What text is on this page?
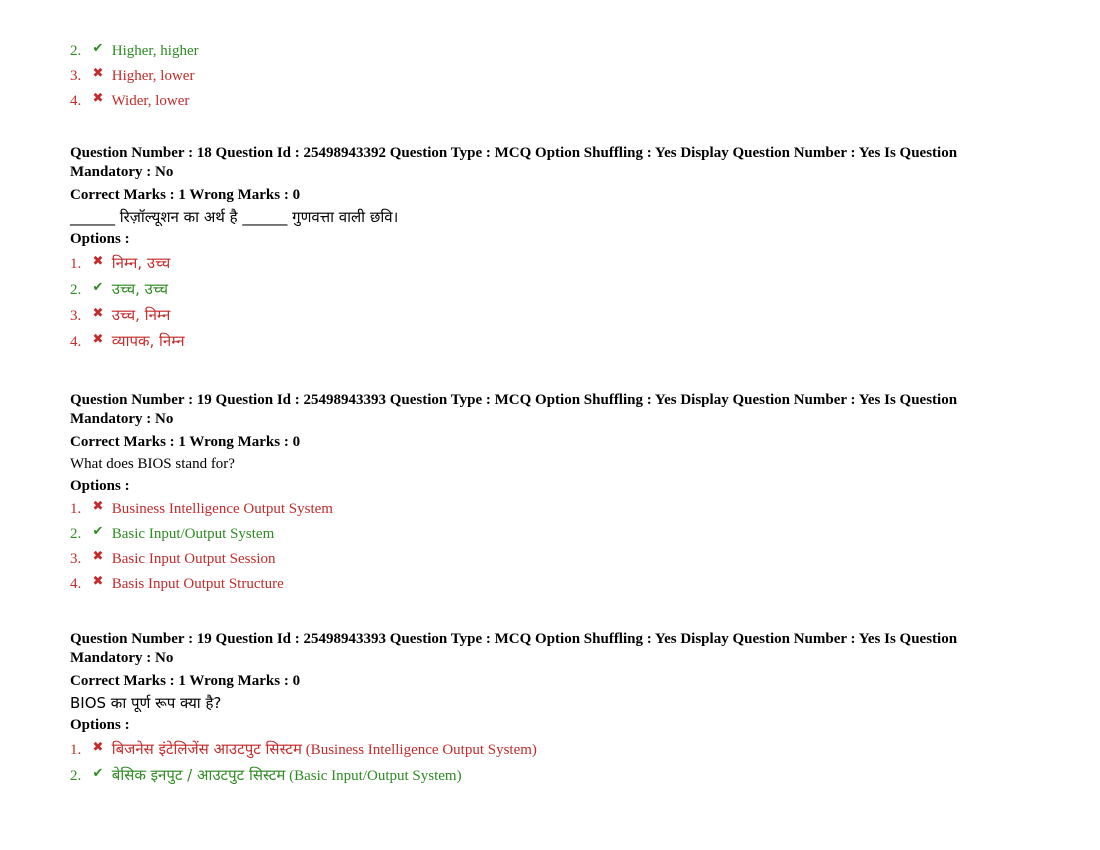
2. ✔ Higher, higher
3. ✖ Higher, lower
4. ✖ Wider, lower
Question Number : 18 Question Id : 25498943392 Question Type : MCQ Option Shuffling : Yes Display Question Number : Yes Is Question Mandatory : No
Correct Marks : 1 Wrong Marks : 0
______ रिज़ॉल्यूशन का अर्थ है ______ गुणवत्ता वाली छवि।
Options :
1. ✖ निम्न, उच्च
2. ✔ उच्च, उच्च
3. ✖ उच्च, निम्न
4. ✖ व्यापक, निम्न
Question Number : 19 Question Id : 25498943393 Question Type : MCQ Option Shuffling : Yes Display Question Number : Yes Is Question Mandatory : No
Correct Marks : 1 Wrong Marks : 0
What does BIOS stand for?
Options :
1. ✖ Business Intelligence Output System
2. ✔ Basic Input/Output System
3. ✖ Basic Input Output Session
4. ✖ Basis Input Output Structure
Question Number : 19 Question Id : 25498943393 Question Type : MCQ Option Shuffling : Yes Display Question Number : Yes Is Question Mandatory : No
Correct Marks : 1 Wrong Marks : 0
BIOS का पूर्ण रूप क्या है?
Options :
1. ✖ बिजनेस इंटेलिजेंस आउटपुट सिस्टम (Business Intelligence Output System)
2. ✔ बेसिक इनपुट / आउटपुट सिस्टम (Basic Input/Output System)
